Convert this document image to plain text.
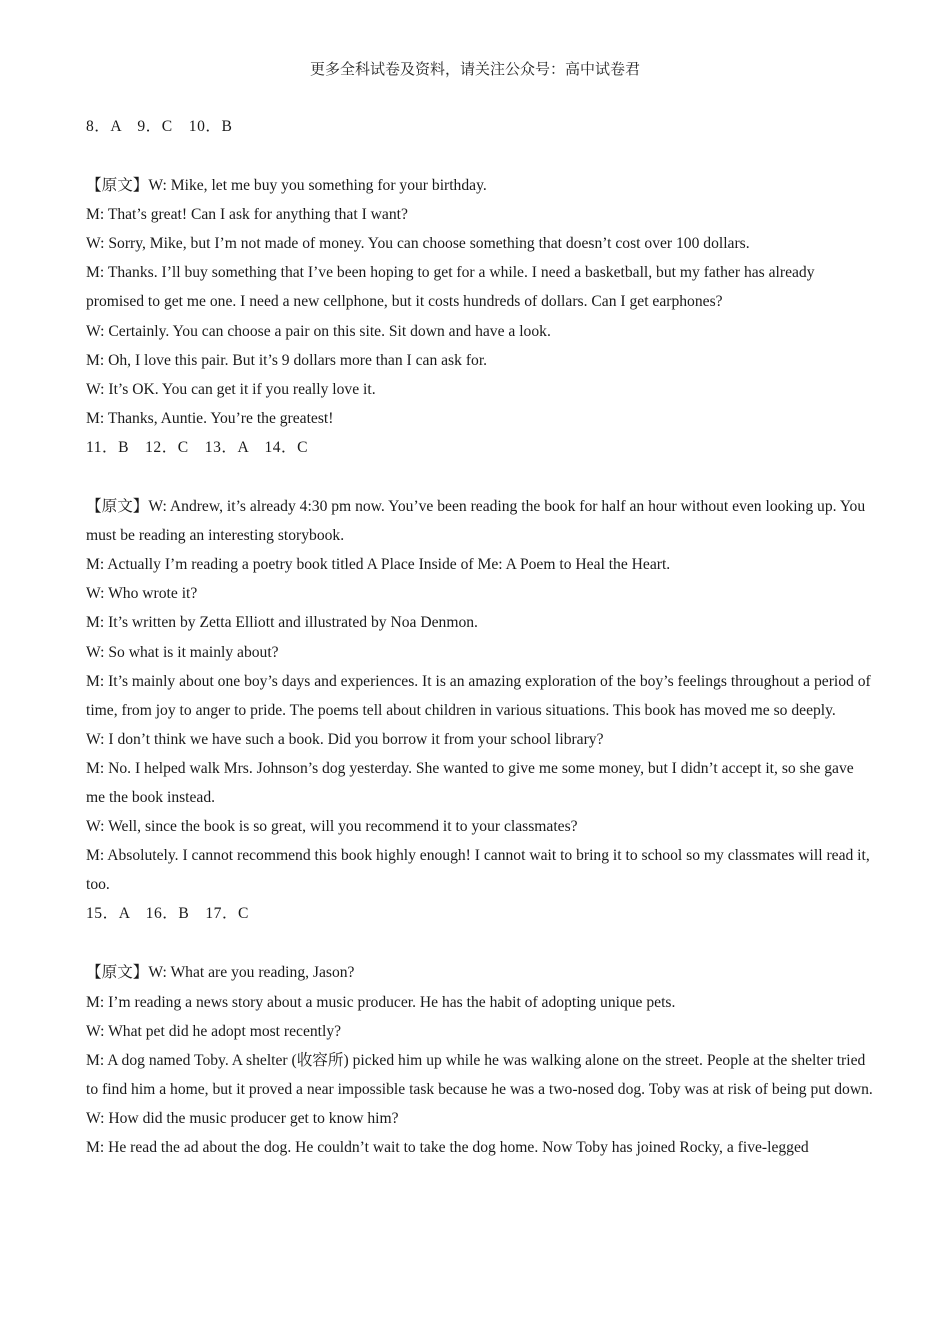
更多全科试卷及资料，请关注公众号：高中试卷君

8．A　9．C　10．B

【原文】W: Mike, let me buy you something for your birthday.

M: That’s great! Can I ask for anything that I want?

W: Sorry, Mike, but I’m not made of money. You can choose something that doesn’t cost over 100 dollars.

M: Thanks. I’ll buy something that I’ve been hoping to get for a while. I need a basketball, but my father has already promised to get me one. I need a new cellphone, but it costs hundreds of dollars. Can I get earphones?

W: Certainly. You can choose a pair on this site. Sit down and have a look.

M: Oh, I love this pair. But it’s 9 dollars more than I can ask for.

W: It’s OK. You can get it if you really love it.

M: Thanks, Auntie. You’re the greatest!

11．B　12．C　13．A　14．C

【原文】W: Andrew, it’s already 4:30 pm now. You’ve been reading the book for half an hour without even looking up. You must be reading an interesting storybook.

M: Actually I’m reading a poetry book titled A Place Inside of Me: A Poem to Heal the Heart.

W: Who wrote it?

M: It’s written by Zetta Elliott and illustrated by Noa Denmon.

W: So what is it mainly about?

M: It’s mainly about one boy’s days and experiences. It is an amazing exploration of the boy’s feelings throughout a period of time, from joy to anger to pride. The poems tell about children in various situations. This book has moved me so deeply.

W: I don’t think we have such a book. Did you borrow it from your school library?

M: No. I helped walk Mrs. Johnson’s dog yesterday. She wanted to give me some money, but I didn’t accept it, so she gave me the book instead.

W: Well, since the book is so great, will you recommend it to your classmates?

M: Absolutely. I cannot recommend this book highly enough! I cannot wait to bring it to school so my classmates will read it, too.

15．A　16．B　17．C

【原文】W: What are you reading, Jason?

M: I’m reading a news story about a music producer. He has the habit of adopting unique pets.

W: What pet did he adopt most recently?

M: A dog named Toby. A shelter (收容所) picked him up while he was walking alone on the street. People at the shelter tried to find him a home, but it proved a near impossible task because he was a two-nosed dog. Toby was at risk of being put down.

W: How did the music producer get to know him?

M: He read the ad about the dog. He couldn’t wait to take the dog home. Now Toby has joined Rocky, a five-legged
